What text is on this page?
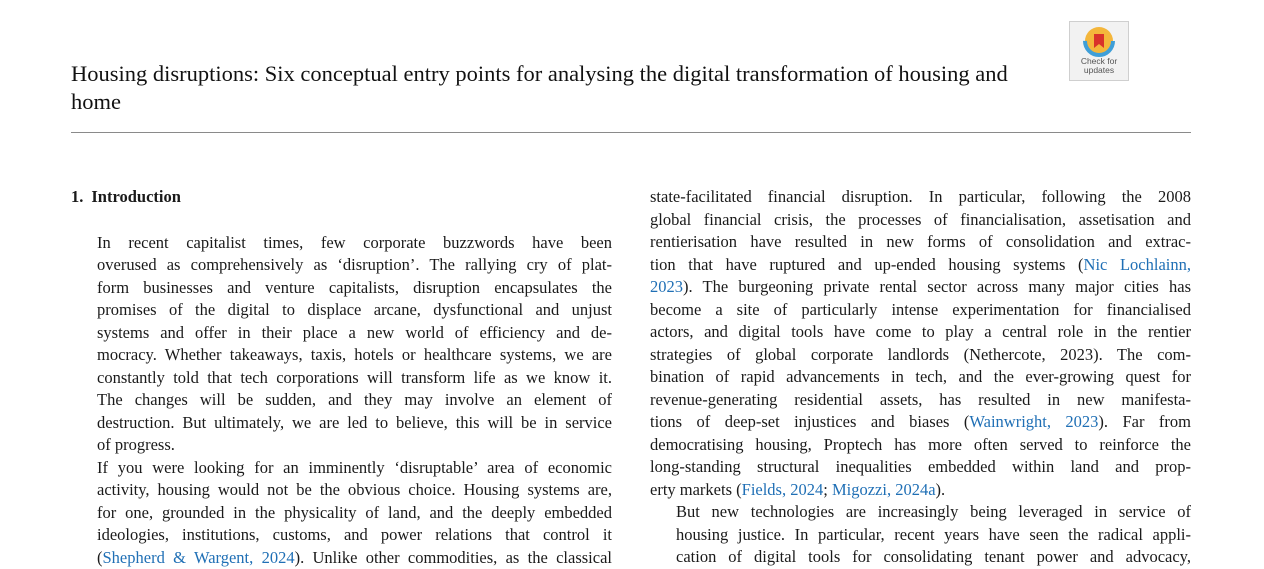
Housing disruptions: Six conceptual entry points for analysing the digital transformation of housing and home
Check for
updates
1. Introduction

In recent capitalist times, few corporate buzzwords have been
overused as comprehensively as ‘disruption’. The rallying cry of plat-
form businesses and venture capitalists, disruption encapsulates the
promises of the digital to displace arcane, dysfunctional and unjust
systems and offer in their place a new world of efficiency and de-
mocracy. Whether takeaways, taxis, hotels or healthcare systems, we are
constantly told that tech corporations will transform life as we know it.
The changes will be sudden, and they may involve an element of
destruction. But ultimately, we are led to believe, this will be in service
of progress.

If you were looking for an imminently ‘disruptable’ area of economic
activity, housing would not be the obvious choice. Housing systems are,
for one, grounded in the physicality of land, and the deeply embedded
ideologies, institutions, customs, and power relations that control it
(Shepherd & Wargent, 2024). Unlike other commodities, as the classical

state-facilitated financial disruption. In particular, following the 2008
global financial crisis, the processes of financialisation, assetisation and
rentierisation have resulted in new forms of consolidation and extrac-
tion that have ruptured and up-ended housing systems (Nic Lochlainn,
2023). The burgeoning private rental sector across many major cities has
become a site of particularly intense experimentation for financialised
actors, and digital tools have come to play a central role in the rentier
strategies of global corporate landlords (Nethercote, 2023). The com-
bination of rapid advancements in tech, and the ever-growing quest for
revenue-generating residential assets, has resulted in new manifesta-
tions of deep-set injustices and biases (Wainwright, 2023). Far from
democratising housing, Proptech has more often served to reinforce the
long-standing structural inequalities embedded within land and prop-
erty markets (Fields, 2024; Migozzi, 2024a).

But new technologies are increasingly being leveraged in service of
housing justice. In particular, recent years have seen the radical appli-
cation of digital tools for consolidating tenant power and advocacy,
